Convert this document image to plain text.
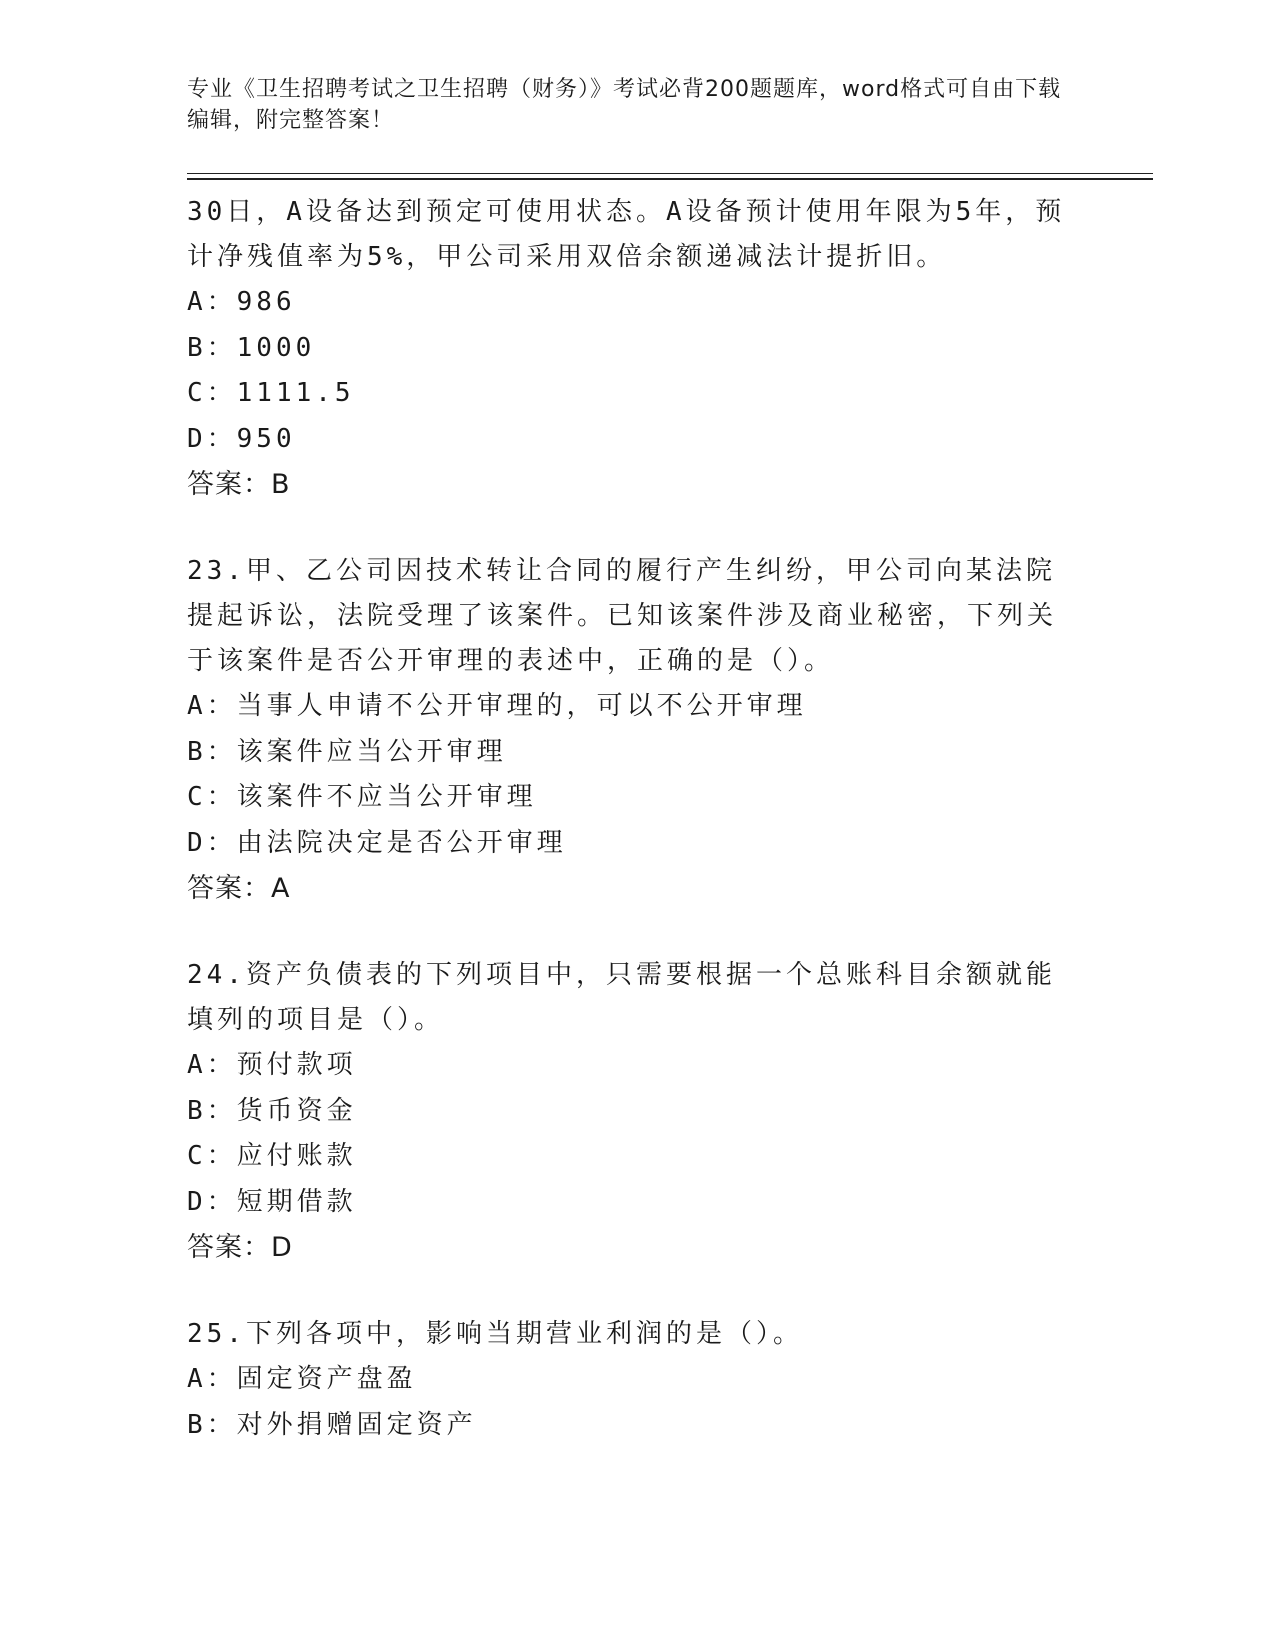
专业《卫生招聘考试之卫生招聘（财务）》考试必背200题题库，word格式可自由下载编辑，附完整答案！

30日，A设备达到预定可使用状态。A设备预计使用年限为5年，预计净残值率为5%，甲公司采用双倍余额递减法计提折旧。

A：986

B：1000

C：1111.5

D：950

答案：B

23.甲、乙公司因技术转让合同的履行产生纠纷，甲公司向某法院提起诉讼，法院受理了该案件。已知该案件涉及商业秘密，下列关于该案件是否公开审理的表述中，正确的是（）。

A：当事人申请不公开审理的，可以不公开审理

B：该案件应当公开审理

C：该案件不应当公开审理

D：由法院决定是否公开审理

答案：A

24.资产负债表的下列项目中，只需要根据一个总账科目余额就能填列的项目是（）。

A：预付款项

B：货币资金

C：应付账款

D：短期借款

答案：D

25.下列各项中，影响当期营业利润的是（）。

A：固定资产盘盈

B：对外捐赠固定资产
